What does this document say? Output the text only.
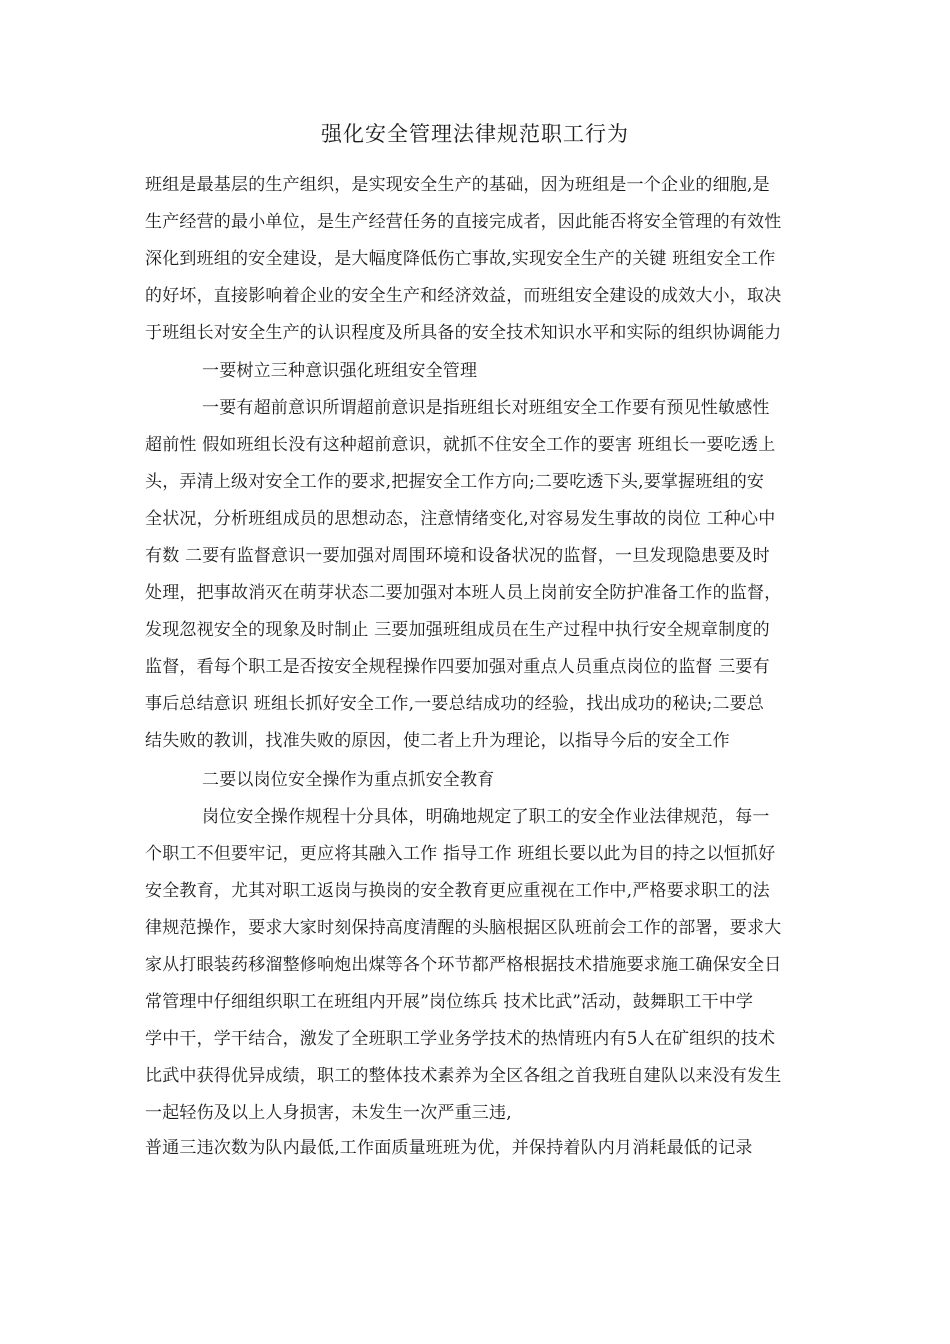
强化安全管理法律规范职工行为
班组是最基层的生产组织，是实现安全生产的基础，因为班组是一个企业的细胞,是
生产经营的最小单位，是生产经营任务的直接完成者，因此能否将安全管理的有效性
深化到班组的安全建设，是大幅度降低伤亡事故,实现安全生产的关键 班组安全工作
的好坏，直接影响着企业的安全生产和经济效益，而班组安全建设的成效大小，取决
于班组长对安全生产的认识程度及所具备的安全技术知识水平和实际的组织协调能力
一要树立三种意识强化班组安全管理
一要有超前意识所谓超前意识是指班组长对班组安全工作要有预见性敏感性
超前性 假如班组长没有这种超前意识，就抓不住安全工作的要害 班组长一要吃透上
头，弄清上级对安全工作的要求,把握安全工作方向;二要吃透下头,要掌握班组的安
全状况，分析班组成员的思想动态，注意情绪变化,对容易发生事故的岗位 工种心中
有数 二要有监督意识一要加强对周围环境和设备状况的监督，一旦发现隐患要及时
处理，把事故消灭在萌芽状态二要加强对本班人员上岗前安全防护准备工作的监督，
发现忽视安全的现象及时制止 三要加强班组成员在生产过程中执行安全规章制度的
监督，看每个职工是否按安全规程操作四要加强对重点人员重点岗位的监督 三要有
事后总结意识 班组长抓好安全工作,一要总结成功的经验，找出成功的秘诀;二要总
结失败的教训，找准失败的原因，使二者上升为理论，以指导今后的安全工作
二要以岗位安全操作为重点抓安全教育
岗位安全操作规程十分具体，明确地规定了职工的安全作业法律规范，每一
个职工不但要牢记，更应将其融入工作 指导工作 班组长要以此为目的持之以恒抓好
安全教育，尤其对职工返岗与换岗的安全教育更应重视在工作中,严格要求职工的法
律规范操作，要求大家时刻保持高度清醒的头脑根据区队班前会工作的部署，要求大
家从打眼装药移溜整修响炮出煤等各个环节都严格根据技术措施要求施工确保安全日
常管理中仔细组织职工在班组内开展”岗位练兵 技术比武”活动，鼓舞职工干中学
学中干，学干结合，激发了全班职工学业务学技术的热情班内有5人在矿组织的技术
比武中获得优异成绩，职工的整体技术素养为全区各组之首我班自建队以来没有发生
一起轻伤及以上人身损害，未发生一次严重三违,
普通三违次数为队内最低,工作面质量班班为优，并保持着队内月消耗最低的记录
